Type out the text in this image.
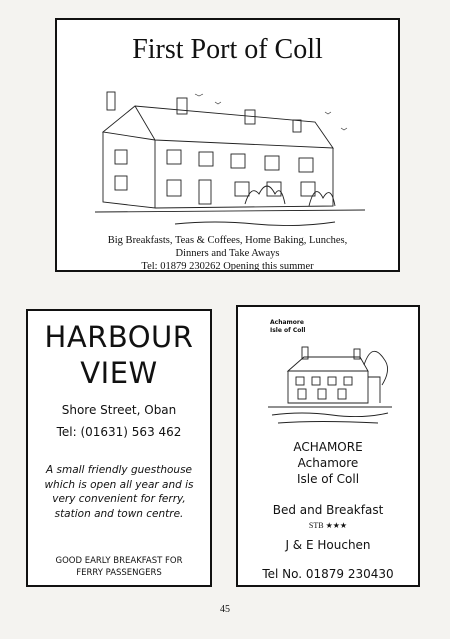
First Port of Coll
Big Breakfasts, Teas & Coffees, Home Baking, Lunches,
Dinners and Take Aways
Tel: 01879 230262 Opening this summer
HARBOUR
VIEW
Shore Street, Oban
Tel: (01631) 563 462
A small friendly guesthouse
which is open all year and is
very convenient for ferry,
station and town centre.
GOOD EARLY BREAKFAST FOR
FERRY PASSENGERS
Achamore
Isle of Coll
ACHAMORE
Achamore
Isle of Coll
Bed and Breakfast
STB ★★★
J & E Houchen
Tel No. 01879 230430
45
